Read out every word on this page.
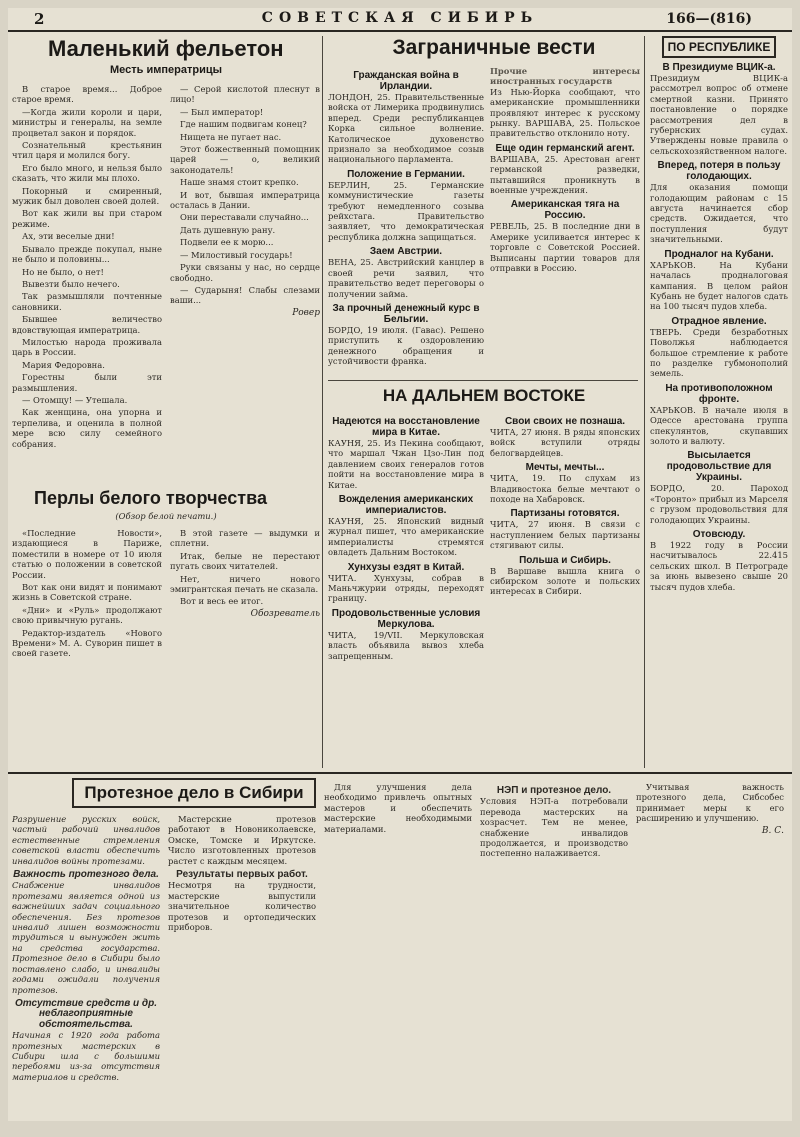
2	СОВЕТСКАЯ СИБИРЬ	166—(816)
Маленький фельетон
Месть императрицы

В старое время... Доброе старое время.

—Когда жили короли и цари, министры и генералы, на земле процветал закон и порядок.

Сознательный крестьянин чтил царя и молился богу.

Его было много, и нельзя было сказать, что жили мы плохо.

Покорный и смиренный, мужик был доволен своей долей.

Вот как жили вы при старом режиме.

Ах, эти веселые дни!

Бывало прежде покупал, ныне не было и половины...

Но не было, о нет!

Вывезти было нечего.

Так размышляли почтенные сановники.

Бывшее величество вдовствующая императрица.

Милостью народа проживала царь в России.

Мария Федоровна.

Горестны были эти размышления.

— Отомщу! — Утешала.

Как женщина, она упорна и терпелива, и оценила в полной мере всю силу семейного собрания.

— Серой кислотой плеснут в лицо!

— Был император!

Где нашим подвигам конец?

Нищета не пугает нас.

Этот божественный помощник царей — о, великий законодатель!

Наше знамя стоит крепко.

И вот, бывшая императрица осталась в Дании.

Они переставали случайно...

Дать душевную рану.

Подвели ее к морю...

— Милостивый государь!

Руки связаны у нас, но сердце свободно.

— Сударыня! Слабы слезами ваши...

Ровер
Перлы белого творчества
(Обзор белой печати.)

«Последние Новости», издающиеся в Париже, поместили в номере от 10 июля статью о положении в советской России.

Вот как они видят и понимают жизнь в Советской стране.

«Дни» и «Руль» продолжают свою привычную ругань.

Редактор-издатель «Нового Времени» М. А. Суворин пишет в своей газете.

В этой газете — выдумки и сплетни.

Итак, белые не перестают пугать своих читателей.

Нет, ничего нового эмигрантская печать не сказала.

Вот и весь ее итог.

Обозреватель
Заграничные вести
Гражданская война в Ирландии.
ЛОНДОН, 25. Правительственные войска от Лимерика продвинулись вперед. Среди республиканцев Корка сильное волнение. Католическое духовенство признало за необходимое созыв национального парламента.
Положение в Германии.
БЕРЛИН, 25. Германские коммунистические газеты требуют немедленного созыва рейхстага. Правительство заявляет, что демократическая республика должна защищаться.
Заем Австрии.
ВЕНА, 25. Австрийский канцлер в своей речи заявил, что правительство ведет переговоры о получении займа.
За прочный денежный курс в Бельгии.
БОРДО, 19 июля. (Гавас). Решено приступить к оздоровлению денежного обращения и устойчивости франка.
Прочие интересы иностранных государств
Из Нью-Йорка сообщают, что американские промышленники проявляют интерес к русскому рынку. ВАРШАВА, 25. Польское правительство отклонило ноту.
Еще один германский агент.
ВАРШАВА, 25. Арестован агент германской разведки, пытавшийся проникнуть в военные учреждения.
Американская тяга на Россию.
РЕВЕЛЬ, 25. В последние дни в Америке усиливается интерес к торговле с Советской Россией. Выписаны партии товаров для отправки в Россию.
НА ДАЛЬНЕМ ВОСТОКЕ
Надеются на восстановление мира в Китае.
КАУНЯ, 25. Из Пекина сообщают, что маршал Чжан Цзо-Лин под давлением своих генералов готов пойти на восстановление мира в Китае.
Вожделения американских империалистов.
КАУНЯ, 25. Японский видный журнал пишет, что американские империалисты стремятся овладеть Дальним Востоком.
Хунхузы ездят в Китай.
ЧИТА. Хунхузы, собрав в Маньчжурии отряды, переходят границу.
Продовольственные условия Меркулова.
ЧИТА, 19/VII. Меркуловская власть объявила вывоз хлеба запрещенным.
Свои своих не познаша.
ЧИТА, 27 июня. В ряды японских войск вступили отряды белогвардейцев.
Мечты, мечты...
ЧИТА, 19. По слухам из Владивостока белые мечтают о походе на Хабаровск.
Партизаны готовятся.
ЧИТА, 27 июня. В связи с наступлением белых партизаны стягивают силы.
Польша и Сибирь.
В Варшаве вышла книга о сибирском золоте и польских интересах в Сибири.
ПО РЕСПУБЛИКЕ
В Президиуме ВЦИК-а.
Президиум ВЦИК-а рассмотрел вопрос об отмене смертной казни. Принято постановление о порядке рассмотрения дел в губернских судах. Утверждены новые правила о сельскохозяйственном налоге.
Вперед, потеря в пользу голодающих.
Для оказания помощи голодающим районам с 15 августа начинается сбор средств. Ожидается, что поступления будут значительными.
Продналог на Кубани.
ХАРЬКОВ. На Кубани началась продналоговая кампания. В целом район Кубань не будет налогов сдать на 100 тысяч пудов хлеба.
Отрадное явление.
ТВЕРЬ. Среди безработных Поволжья наблюдается большое стремление к работе по разделке губмонополий земель.
На противоположном фронте.
ХАРЬКОВ. В начале июля в Одессе арестована группа спекулянтов, скупавших золото и валюту.
Высылается продовольствие для Украины.
БОРДО, 20. Пароход «Торонто» прибыл из Марселя с грузом продовольствия для голодающих Украины.
Отовсюду.
В 1922 году в России насчитывалось 22.415 сельских школ. В Петрограде за июнь вывезено свыше 20 тысяч пудов хлеба.
Протезное дело в Сибири
Разрушение русских войск, частый рабочий инвалидов естественные стремления советской власти обеспечить инвалидов войны протезами.
Важность протезного дела.
Снабжение инвалидов протезами является одной из важнейших задач социального обеспечения. Без протезов инвалид лишен возможности трудиться и вынужден жить на средства государства. Протезное дело в Сибири было поставлено слабо, и инвалиды годами ожидали получения протезов.
Отсутствие средств и др. неблагоприятные обстоятельства.
Начиная с 1920 года работа протезных мастерских в Сибири шла с большими перебоями из-за отсутствия материалов и средств.

Мастерские протезов работают в Новониколаевске, Омске, Томске и Иркутске. Число изготовленных протезов растет с каждым месяцем.

Результаты первых работ.
Несмотря на трудности, мастерские выпустили значительное количество протезов и ортопедических приборов.

Для улучшения дела необходимо привлечь опытных мастеров и обеспечить мастерские необходимыми материалами.

НЭП и протезное дело.
Условия НЭП-а потребовали перевода мастерских на хозрасчет. Тем не менее, снабжение инвалидов продолжается, и производство постепенно налаживается.

Учитывая важность протезного дела, Сибсобес принимает меры к его расширению и улучшению.

В. С.
